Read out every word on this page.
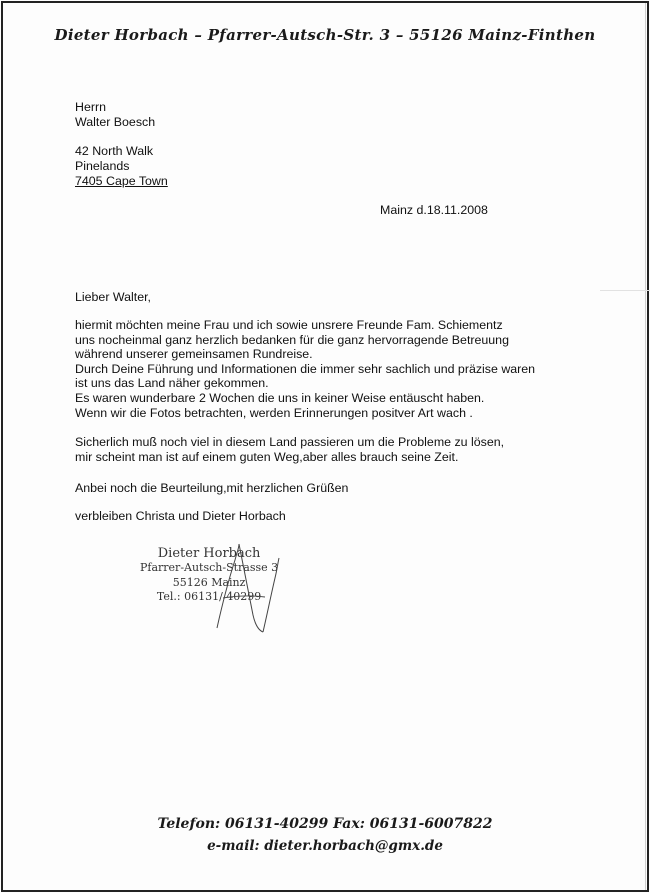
Dieter Horbach – Pfarrer-Autsch-Str. 3 – 55126 Mainz-Finthen
Herrn
Walter Boesch
42 North Walk
Pinelands
7405 Cape Town
Mainz d.18.11.2008
Lieber Walter,
hiermit möchten meine Frau und ich sowie unsrere Freunde Fam. Schiementz
uns nocheinmal ganz herzlich bedanken für die ganz hervorragende Betreuung
während unserer gemeinsamen Rundreise.
Durch Deine Führung und Informationen die immer sehr sachlich und präzise waren
ist uns das Land näher gekommen.
Es waren wunderbare 2 Wochen die uns in keiner Weise entäuscht haben.
Wenn wir die Fotos betrachten, werden Erinnerungen positver Art wach .
Sicherlich muß noch viel in diesem Land passieren um die Probleme zu lösen,
mir scheint man ist auf einem guten Weg,aber alles brauch seine Zeit.
Anbei noch die Beurteilung,mit herzlichen Grüßen
verbleiben Christa und Dieter Horbach
Dieter Horbach
Pfarrer-Autsch-Strasse 3
55126 Mainz
Tel.: 06131/ 40299
Telefon: 06131-40299 Fax: 06131-6007822
e-mail: dieter.horbach@gmx.de
